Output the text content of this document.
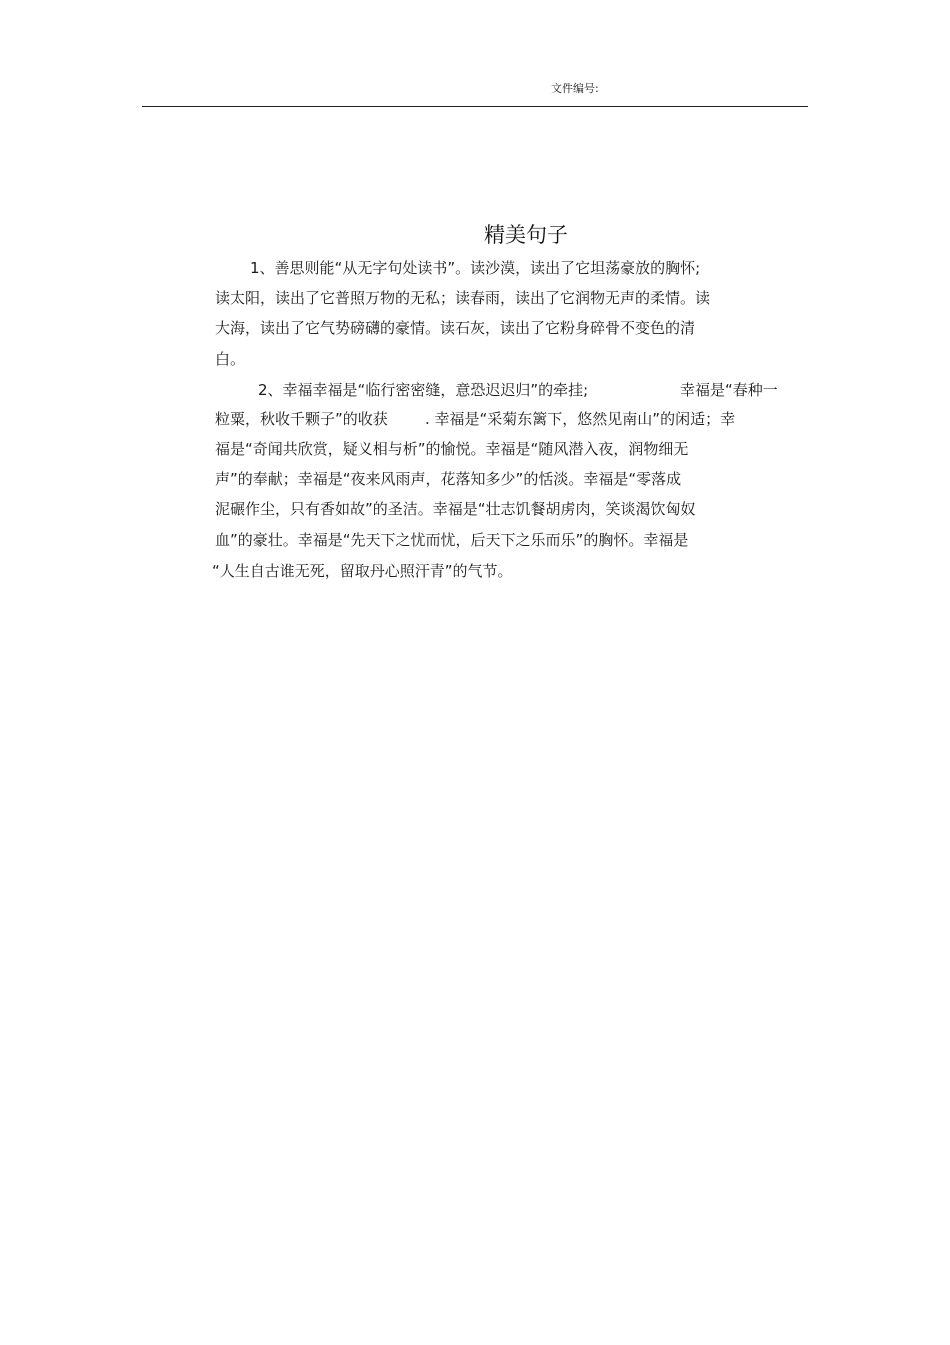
文件编号:
精美句子
1、善思则能“从无字句处读书”。读沙漠，读出了它坦荡豪放的胸怀;
读太阳，读出了它普照万物的无私；读春雨，读出了它润物无声的柔情。读
大海，读出了它气势磅礴的豪情。读石灰，读出了它粉身碎骨不变色的清
白。
2、幸福幸福是“临行密密缝，意恐迟迟归”的牵挂;	幸福是“春种一
粒粟，秋收千颗子”的收获 . 幸福是“采菊东篱下，悠然见南山”的闲适；幸
福是“奇闻共欣赏，疑义相与析”的愉悦。幸福是“随风潜入夜，润物细无
声”的奉献；幸福是“夜来风雨声，花落知多少”的恬淡。幸福是“零落成
泥碾作尘，只有香如故”的圣洁。幸福是“壮志饥餐胡虏肉，笑谈渴饮匈奴
血”的豪壮。幸福是“先天下之忧而忧，后天下之乐而乐”的胸怀。幸福是
“人生自古谁无死，留取丹心照汗青”的气节。
